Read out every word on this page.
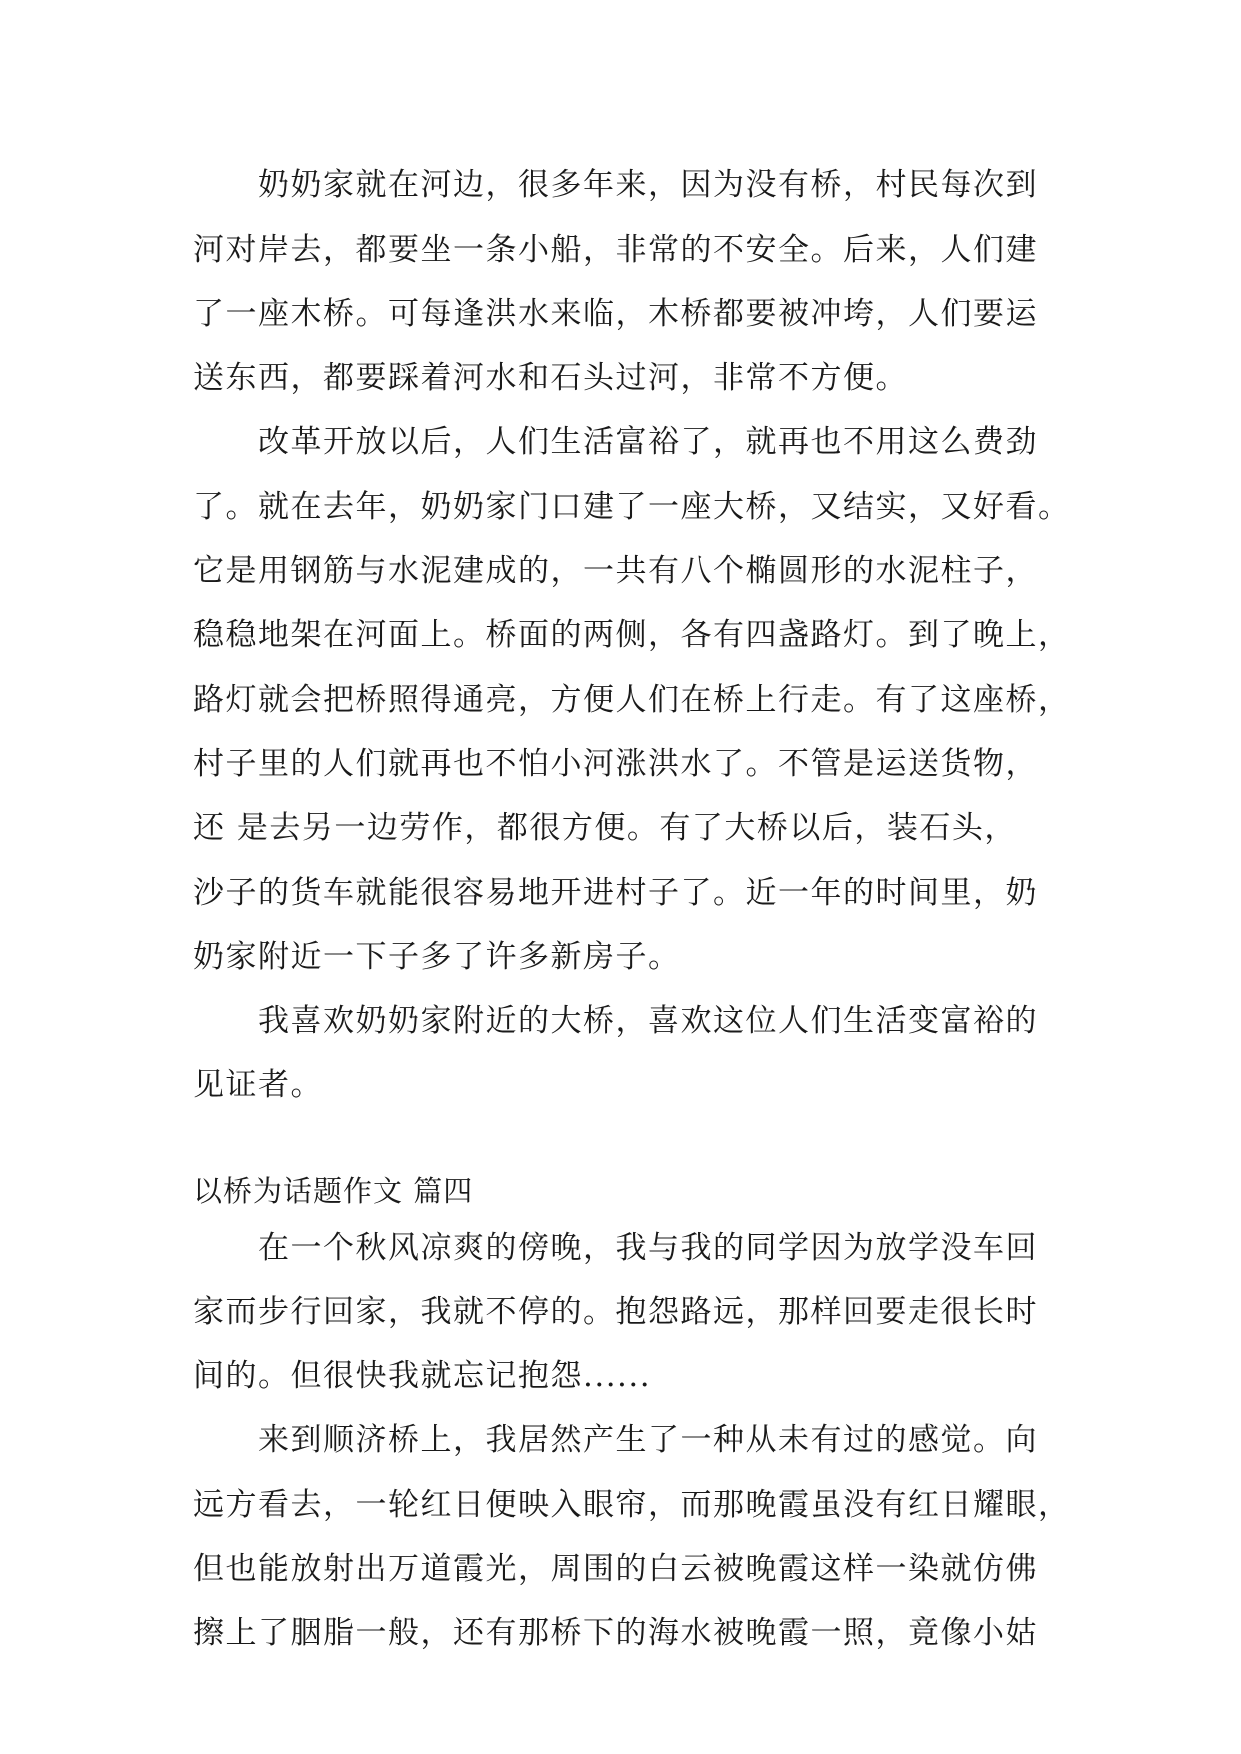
　　奶奶家就在河边，很多年来，因为没有桥，村民每次到
河对岸去，都要坐一条小船，非常的不安全。后来，人们建
了一座木桥。可每逢洪水来临，木桥都要被冲垮，人们要运
送东西，都要踩着河水和石头过河，非常不方便。
　　改革开放以后，人们生活富裕了，就再也不用这么费劲
了。就在去年，奶奶家门口建了一座大桥，又结实，又好看。
它是用钢筋与水泥建成的，一共有八个椭圆形的水泥柱子，
稳稳地架在河面上。桥面的两侧，各有四盏路灯。到了晚上，
路灯就会把桥照得通亮，方便人们在桥上行走。有了这座桥，
村子里的人们就再也不怕小河涨洪水了。不管是运送货物，
还 是去另一边劳作，都很方便。有了大桥以后，装石头，
沙子的货车就能很容易地开进村子了。近一年的时间里，奶
奶家附近一下子多了许多新房子。
　　我喜欢奶奶家附近的大桥，喜欢这位人们生活变富裕的
见证者。
以桥为话题作文 篇四
　　在一个秋风凉爽的傍晚，我与我的同学因为放学没车回
家而步行回家，我就不停的。抱怨路远，那样回要走很长时
间的。但很快我就忘记抱怨......
　　来到顺济桥上，我居然产生了一种从未有过的感觉。向
远方看去，一轮红日便映入眼帘，而那晚霞虽没有红日耀眼，
但也能放射出万道霞光，周围的白云被晚霞这样一染就仿佛
擦上了胭脂一般，还有那桥下的海水被晚霞一照，竟像小姑
